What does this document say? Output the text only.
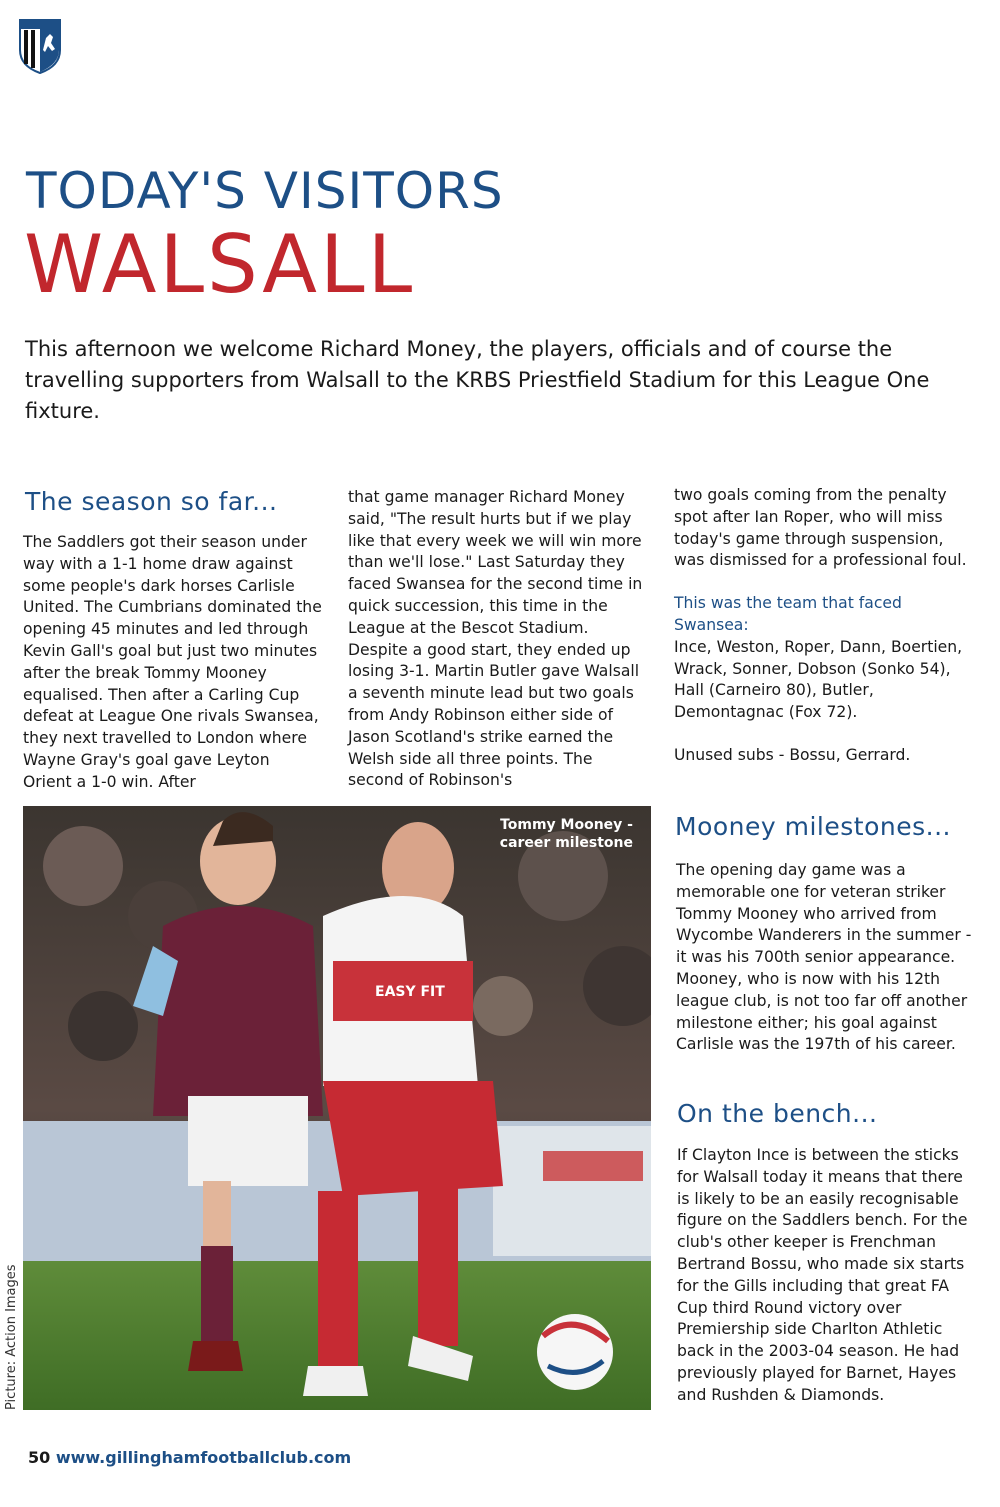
TODAY'S VISITORS
WALSALL
This afternoon we welcome Richard Money, the players, officials and of course the travelling supporters from Walsall to the KRBS Priestfield Stadium for this League One fixture.
The season so far...

The Saddlers got their season under way with a 1-1 home draw against some people's dark horses Carlisle United. The Cumbrians dominated the opening 45 minutes and led through Kevin Gall's goal but just two minutes after the break Tommy Mooney equalised. Then after a Carling Cup defeat at League One rivals Swansea, they next travelled to London where Wayne Gray's goal gave Leyton Orient a 1-0 win. After

that game manager Richard Money said, "The result hurts but if we play like that every week we will win more than we'll lose." Last Saturday they faced Swansea for the second time in quick succession, this time in the League at the Bescot Stadium. Despite a good start, they ended up losing 3-1. Martin Butler gave Walsall a seventh minute lead but two goals from Andy Robinson either side of Jason Scotland's strike earned the Welsh side all three points. The second of Robinson's

two goals coming from the penalty spot after Ian Roper, who will miss today's game through suspension, was dismissed for a professional foul.

This was the team that faced Swansea:

Ince, Weston, Roper, Dann, Boertien, Wrack, Sonner, Dobson (Sonko 54), Hall (Carneiro 80), Butler, Demontagnac (Fox 72).

Unused subs - Bossu, Gerrard.

EASY FIT
Tommy Mooney -
career milestone
Picture: Action Images
Mooney milestones...

The opening day game was a memorable one for veteran striker Tommy Mooney who arrived from Wycombe Wanderers in the summer - it was his 700th senior appearance. Mooney, who is now with his 12th league club, is not too far off another milestone either; his goal against Carlisle was the 197th of his career.

On the bench...

If Clayton Ince is between the sticks for Walsall today it means that there is likely to be an easily recognisable figure on the Saddlers bench. For the club's other keeper is Frenchman Bertrand Bossu, who made six starts for the Gills including that great FA Cup third Round victory over Premiership side Charlton Athletic back in the 2003-04 season. He had previously played for Barnet, Hayes and Rushden & Diamonds.

50 www.gillinghamfootballclub.com
